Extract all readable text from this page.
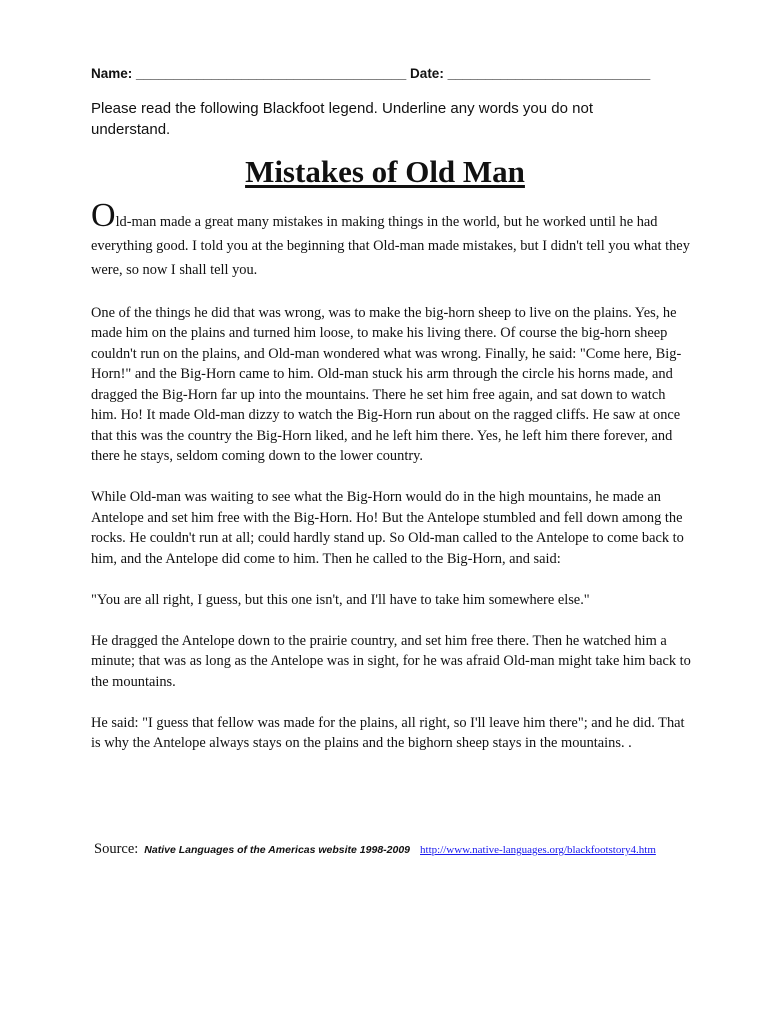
Name: ____________________________________ Date: ___________________________
Please read the following Blackfoot legend. Underline any words you do not understand.
Mistakes of Old Man

Old-man made a great many mistakes in making things in the world, but he worked until he had everything good. I told you at the beginning that Old-man made mistakes, but I didn't tell you what they were, so now I shall tell you.

One of the things he did that was wrong, was to make the big-horn sheep to live on the plains. Yes, he made him on the plains and turned him loose, to make his living there. Of course the big-horn sheep couldn't run on the plains, and Old-man wondered what was wrong. Finally, he said: "Come here, Big-Horn!" and the Big-Horn came to him. Old-man stuck his arm through the circle his horns made, and dragged the Big-Horn far up into the mountains. There he set him free again, and sat down to watch him. Ho! It made Old-man dizzy to watch the Big-Horn run about on the ragged cliffs. He saw at once that this was the country the Big-Horn liked, and he left him there. Yes, he left him there forever, and there he stays, seldom coming down to the lower country.

While Old-man was waiting to see what the Big-Horn would do in the high mountains, he made an Antelope and set him free with the Big-Horn. Ho! But the Antelope stumbled and fell down among the rocks. He couldn't run at all; could hardly stand up. So Old-man called to the Antelope to come back to him, and the Antelope did come to him. Then he called to the Big-Horn, and said:

"You are all right, I guess, but this one isn't, and I'll have to take him somewhere else."

He dragged the Antelope down to the prairie country, and set him free there. Then he watched him a minute; that was as long as the Antelope was in sight, for he was afraid Old-man might take him back to the mountains.

He said: "I guess that fellow was made for the plains, all right, so I'll leave him there"; and he did. That is why the Antelope always stays on the plains and the bighorn sheep stays in the mountains. .

Source: Native Languages of the Americas website 1998-2009 http://www.native-languages.org/blackfootstory4.htm
